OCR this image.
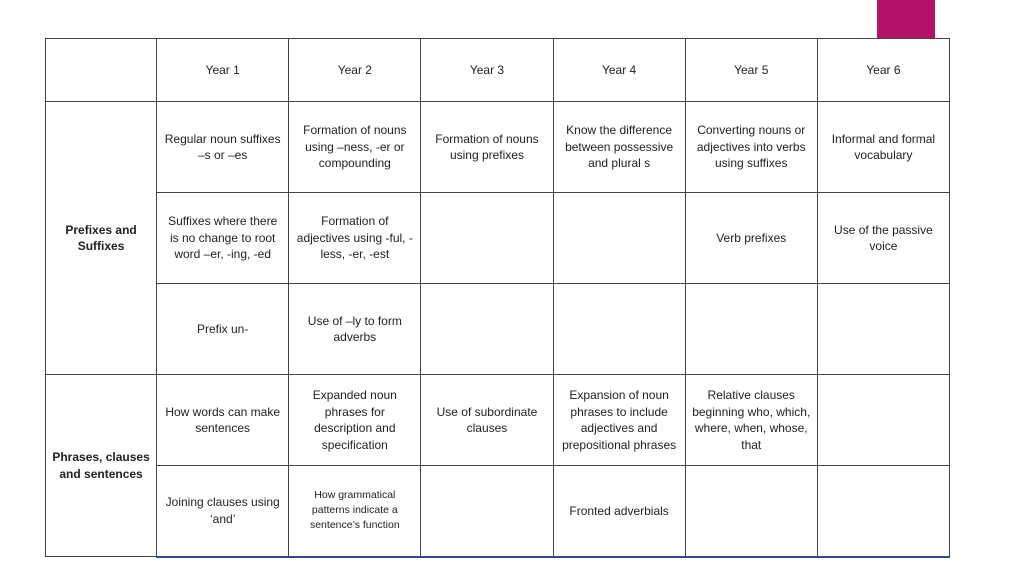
	Year 1	Year 2	Year 3	Year 4	Year 5	Year 6
Prefixes and Suffixes	Regular noun suffixes –s or –es	Formation of nouns using –ness, -er or compounding	Formation of nouns using prefixes	Know the difference between possessive and plural s	Converting nouns or adjectives into verbs using suffixes	Informal and formal vocabulary
	Suffixes where there is no change to root word –er, -ing, -ed	Formation of adjectives using -ful, -less, -er, -est			Verb prefixes	Use of the passive voice
	Prefix un-	Use of –ly to form adverbs				
Phrases, clauses and sentences	How words can make sentences	Expanded noun phrases for description and specification	Use of subordinate clauses	Expansion of noun phrases to include adjectives and prepositional phrases	Relative clauses beginning who, which, where, when, whose, that	
	Joining clauses using ‘and’	How grammatical patterns indicate a sentence’s function		Fronted adverbials		
